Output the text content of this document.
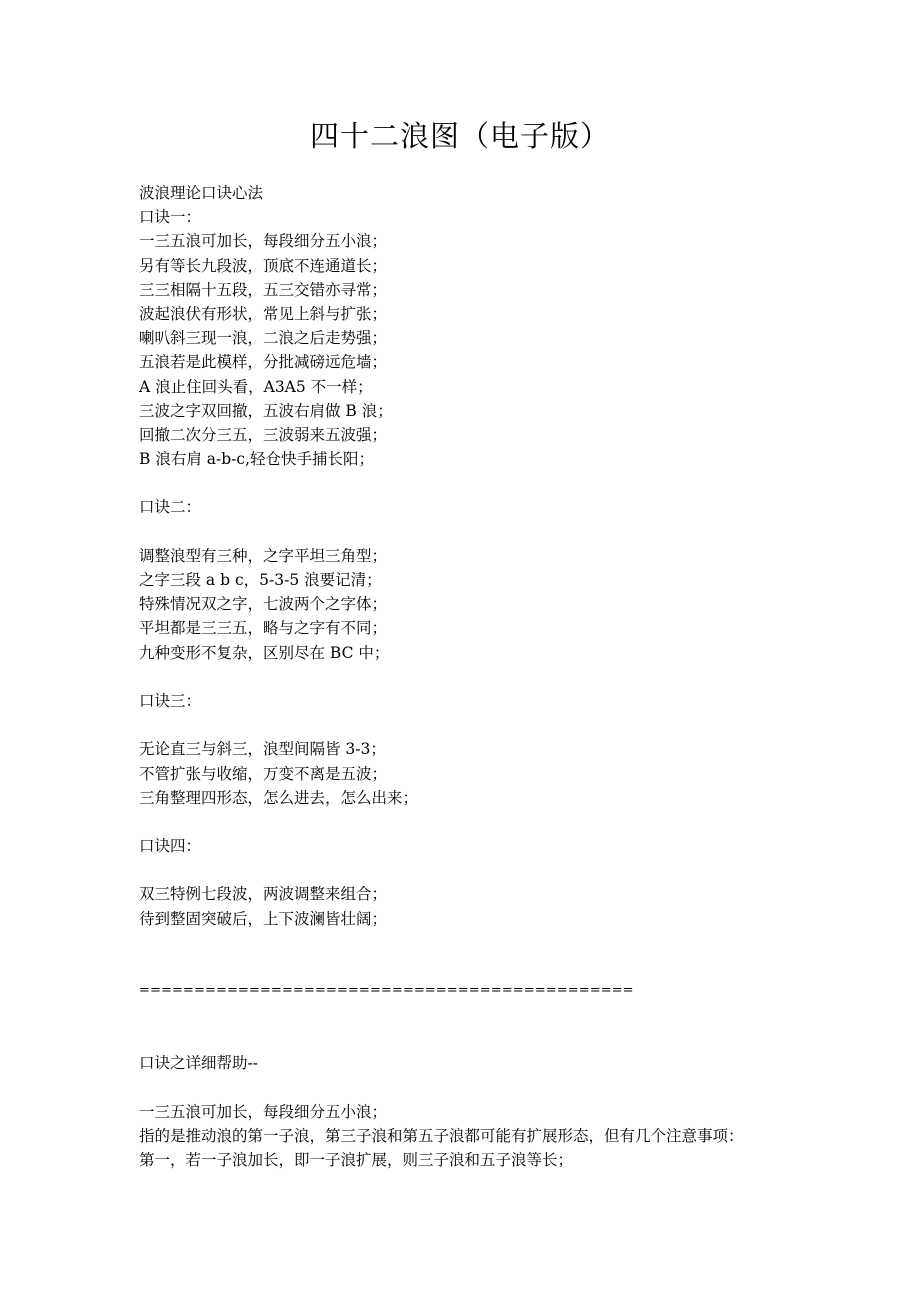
四十二浪图（电子版）
波浪理论口诀心法
口诀一：
一三五浪可加长，每段细分五小浪；
另有等长九段波，顶底不连通道长；
三三相隔十五段，五三交错亦寻常；
波起浪伏有形状，常见上斜与扩张；
喇叭斜三现一浪，二浪之后走势强；
五浪若是此模样，分批减磅远危墙；
A 浪止住回头看，A3A5 不一样；
三波之字双回撤，五波右肩做 B 浪；
回撤二次分三五，三波弱来五波强；
B 浪右肩 a-b-c,轻仓快手捕长阳；
口诀二：
调整浪型有三种，之字平坦三角型；
之字三段 a b c，5-3-5 浪要记清；
特殊情况双之字，七波两个之字体；
平坦都是三三五，略与之字有不同；
九种变形不复杂，区别尽在 BC 中；
口诀三：
无论直三与斜三，浪型间隔皆 3-3；
不管扩张与收缩，万变不离是五波；
三角整理四形态，怎么进去，怎么出来；
口诀四：
双三特例七段波，两波调整来组合；
待到整固突破后，上下波澜皆壮阔；
=============================================
口诀之详细帮助--
一三五浪可加长，每段细分五小浪；
指的是推动浪的第一子浪，第三子浪和第五子浪都可能有扩展形态，但有几个注意事项：
第一，若一子浪加长，即一子浪扩展，则三子浪和五子浪等长；
